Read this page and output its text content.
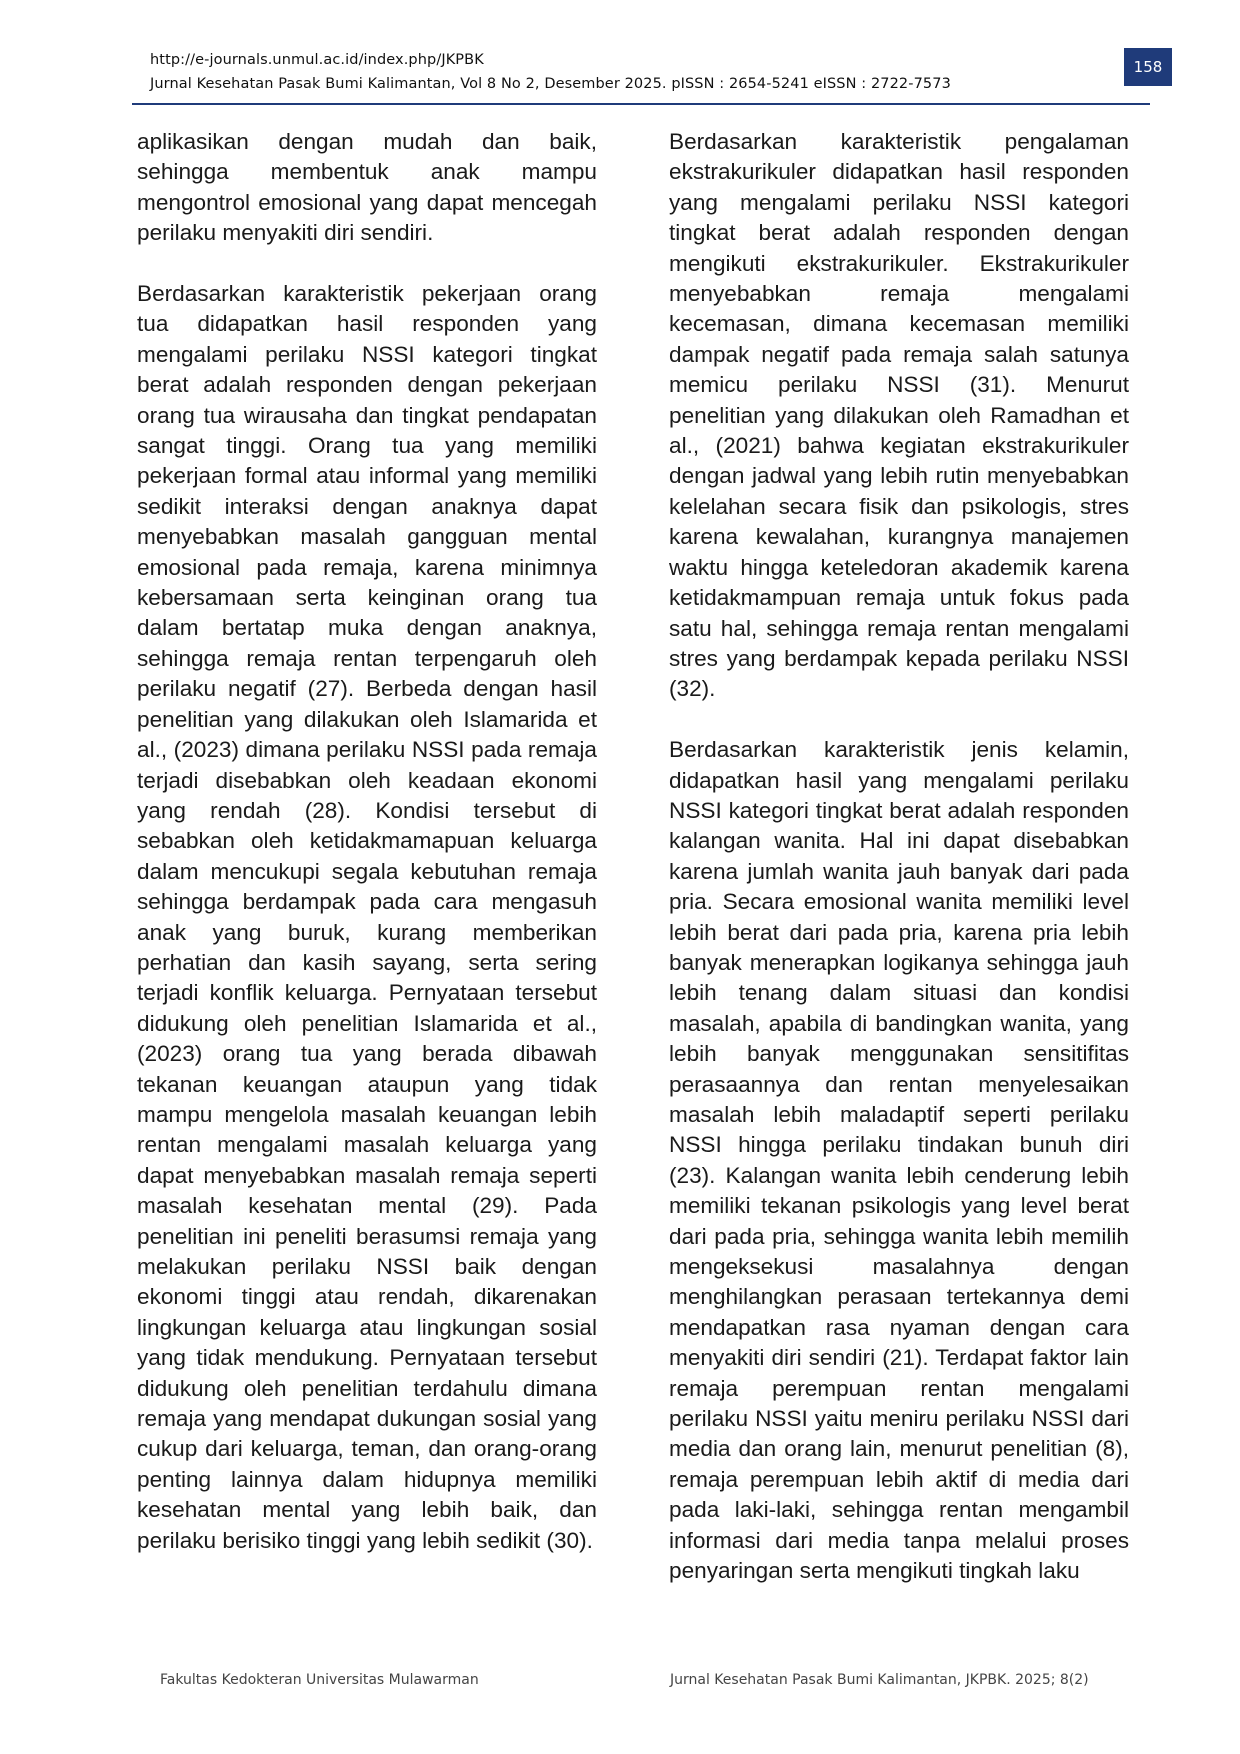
http://e-journals.unmul.ac.id/index.php/JKPBK
Jurnal Kesehatan Pasak Bumi Kalimantan, Vol 8 No 2, Desember 2025. pISSN : 2654-5241 eISSN : 2722-7573
158

aplikasikan dengan mudah dan baik, sehingga membentuk anak mampu mengontrol emosional yang dapat mencegah perilaku menyakiti diri sendiri.

Berdasarkan karakteristik pekerjaan orang tua didapatkan hasil responden yang mengalami perilaku NSSI kategori tingkat berat adalah responden dengan pekerjaan orang tua wirausaha dan tingkat pendapatan sangat tinggi. Orang tua yang memiliki pekerjaan formal atau informal yang memiliki sedikit interaksi dengan anaknya dapat menyebabkan masalah gangguan mental emosional pada remaja, karena minimnya kebersamaan serta keinginan orang tua dalam bertatap muka dengan anaknya, sehingga remaja rentan terpengaruh oleh perilaku negatif (27). Berbeda dengan hasil penelitian yang dilakukan oleh Islamarida et al., (2023) dimana perilaku NSSI pada remaja terjadi disebabkan oleh keadaan ekonomi yang rendah (28). Kondisi tersebut di sebabkan oleh ketidakmamapuan keluarga dalam mencukupi segala kebutuhan remaja sehingga berdampak pada cara mengasuh anak yang buruk, kurang memberikan perhatian dan kasih sayang, serta sering terjadi konflik keluarga. Pernyataan tersebut didukung oleh penelitian Islamarida et al., (2023) orang tua yang berada dibawah tekanan keuangan ataupun yang tidak mampu mengelola masalah keuangan lebih rentan mengalami masalah keluarga yang dapat menyebabkan masalah remaja seperti masalah kesehatan mental (29). Pada penelitian ini peneliti berasumsi remaja yang melakukan perilaku NSSI baik dengan ekonomi tinggi atau rendah, dikarenakan lingkungan keluarga atau lingkungan sosial yang tidak mendukung. Pernyataan tersebut didukung oleh penelitian terdahulu dimana remaja yang mendapat dukungan sosial yang cukup dari keluarga, teman, dan orang-orang penting lainnya dalam hidupnya memiliki kesehatan mental yang lebih baik, dan perilaku berisiko tinggi yang lebih sedikit (30).

Berdasarkan karakteristik pengalaman ekstrakurikuler didapatkan hasil responden yang mengalami perilaku NSSI kategori tingkat berat adalah responden dengan mengikuti ekstrakurikuler. Ekstrakurikuler menyebabkan remaja mengalami kecemasan, dimana kecemasan memiliki dampak negatif pada remaja salah satunya memicu perilaku NSSI (31). Menurut penelitian yang dilakukan oleh Ramadhan et al., (2021) bahwa kegiatan ekstrakurikuler dengan jadwal yang lebih rutin menyebabkan kelelahan secara fisik dan psikologis, stres karena kewalahan, kurangnya manajemen waktu hingga keteledoran akademik karena ketidakmampuan remaja untuk fokus pada satu hal, sehingga remaja rentan mengalami stres yang berdampak kepada perilaku NSSI (32).

Berdasarkan karakteristik jenis kelamin, didapatkan hasil yang mengalami perilaku NSSI kategori tingkat berat adalah responden kalangan wanita. Hal ini dapat disebabkan karena jumlah wanita jauh banyak dari pada pria. Secara emosional wanita memiliki level lebih berat dari pada pria, karena pria lebih banyak menerapkan logikanya sehingga jauh lebih tenang dalam situasi dan kondisi masalah, apabila di bandingkan wanita, yang lebih banyak menggunakan sensitifitas perasaannya dan rentan menyelesaikan masalah lebih maladaptif seperti perilaku NSSI hingga perilaku tindakan bunuh diri (23). Kalangan wanita lebih cenderung lebih memiliki tekanan psikologis yang level berat dari pada pria, sehingga wanita lebih memilih mengeksekusi masalahnya dengan menghilangkan perasaan tertekannya demi mendapatkan rasa nyaman dengan cara menyakiti diri sendiri (21). Terdapat faktor lain remaja perempuan rentan mengalami perilaku NSSI yaitu meniru perilaku NSSI dari media dan orang lain, menurut penelitian (8), remaja perempuan lebih aktif di media dari pada laki-laki, sehingga rentan mengambil informasi dari media tanpa melalui proses penyaringan serta mengikuti tingkah laku

Fakultas Kedokteran Universitas Mulawarman	Jurnal Kesehatan Pasak Bumi Kalimantan, JKPBK. 2025; 8(2)
